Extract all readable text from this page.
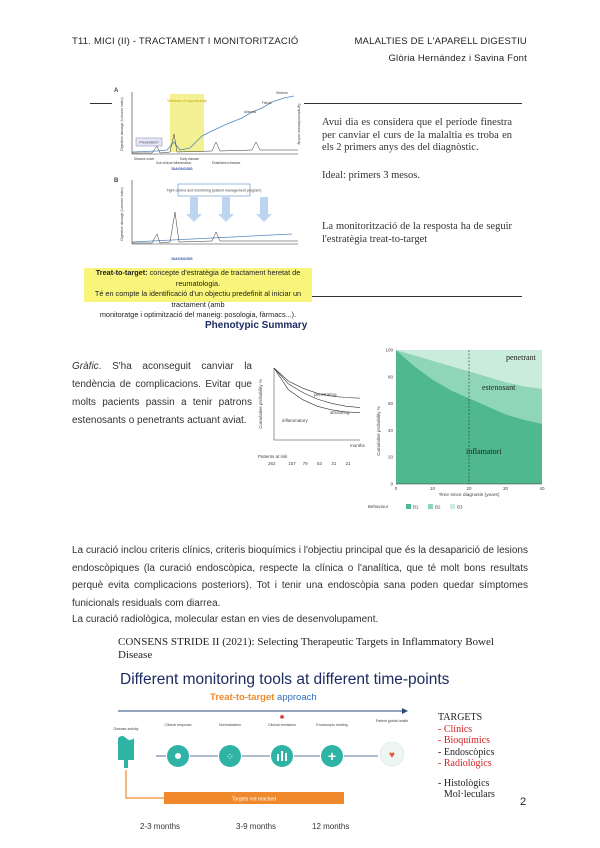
T11. MICI (II) - TRACTAMENT I MONITORITZACIÓ	MALALTIES DE L'APARELL DIGESTIU
Glòria Hernández i Savina Font
A
Window of opportunity
Digestive damage (Lemann index)	Symptoms/disease activity
Prevention?
Stricture
Fistula
Abscess
Disease onset
Sub-clinical inflammation
Early disease
Established disease
DIAGNOSIS
B
Digestive damage (Lemann index)	Tight control and monitoring (patient management program)
DIAGNOSIS
Avui dia es considera que el període finestra per canviar el curs de la malaltia es troba en els 2 primers anys des del diagnòstic.
Ideal: primers 3 mesos.
La monitorització de la resposta ha de seguir l'estratègia treat-to-target
Treat-to-target: concepte d'estratègia de tractament heretat de reumatologia.
Té en compte la identificació d'un objectiu predefinit al iniciar un tractament (amb
monitoratge i optimització del maneig: posologia, fàrmacs...).
Phenotypic Summary
Gràfic. S'ha aconseguit canviar la tendència de complicacions. Evitar que molts pacients passin a tenir patrons estenosants o penetrants actuant aviat.	Cumulative probability %	penetrating
stricturing
inflammatory
months
Patients at risk
262	157 79 53 31 21
100
80
60
40
20
0
0	10	20	30	40
Time since diagnosis (years)
Cumulative probability %
penetrant
estenosant
inflamatori
Behaviour	B1	B2	B3
La curació inclou criteris clínics, criteris bioquímics i l'objectiu principal que és la desaparició de lesions endoscòpiques (la curació endoscòpica, respecte la clínica o l'analítica, que té molt bons resultats perquè evita complicacions posteriors). Tot i tenir una endoscòpia sana poden quedar símptomes funicionals residuals com diarrea.
La curació radiològica, molecular estan en vies de desenvolupament.
CONSENS STRIDE II (2021): Selecting Therapeutic Targets in Inflammatory Bowel Disease
Different monitoring tools at different time-points
Treat-to-target approach
Disease activity
Clinical response	Normalization
⁘
Clinical remission
✱
Endoscopic healing
+
Patient global health
♥
Targets not reached
2-3 months	3-9 months	12 months
TARGETS
- Clínics
- Bioquímics
- Endoscòpics
- Radiològics
- Histològics
Mol·leculars
2
